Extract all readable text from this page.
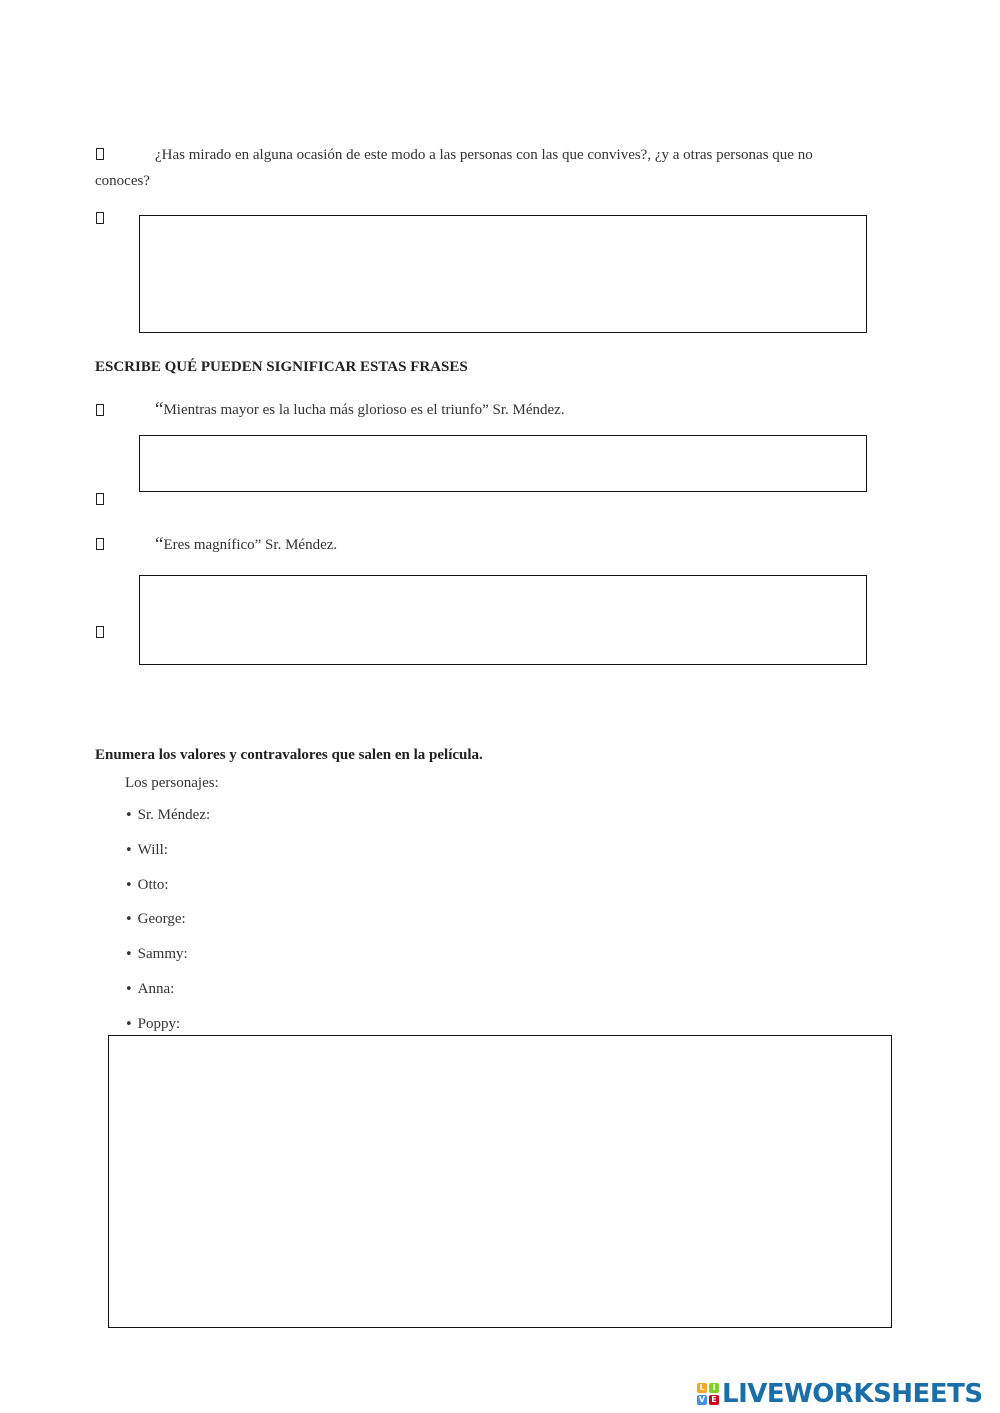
¿Has mirado en alguna ocasión de este modo a las personas con las que convives?, ¿y a otras personas que no
conoces?
ESCRIBE QUÉ PUEDEN SIGNIFICAR ESTAS FRASES
“Mientras mayor es la lucha más glorioso es el triunfo” Sr. Méndez.
“Eres magnífico” Sr. Méndez.
Enumera los valores y contravalores que salen en la película.
Los personajes:
• Sr. Méndez:
• Will:
• Otto:
• George:
• Sammy:
• Anna:
• Poppy:
L I
V E LIVEWORKSHEETS
